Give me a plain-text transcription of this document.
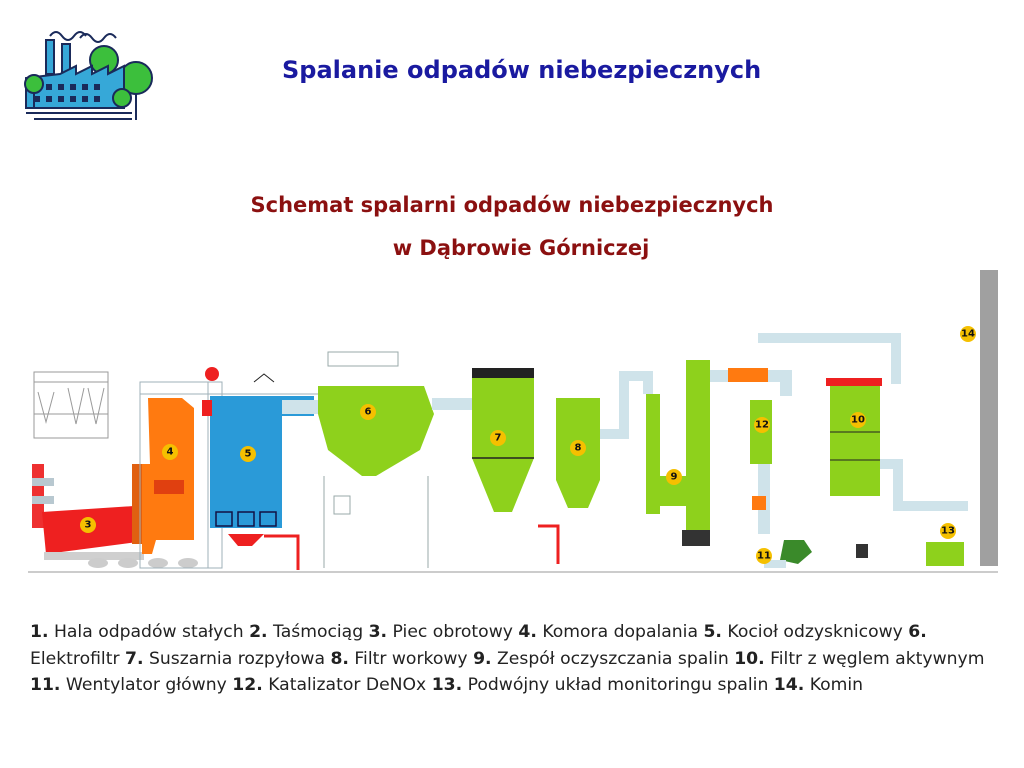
Spalanie odpadów niebezpiecznych
Schemat spalarni odpadów niebezpiecznych
w Dąbrowie Górniczej
3
4	5
6
7
8
9
12	10
11
13
14
1. Hala odpadów stałych 2. Taśmociąg 3. Piec obrotowy 4. Komora dopalania 5. Kocioł odzysknicowy 6. Elektrofiltr 7. Suszarnia rozpyłowa 8. Filtr workowy 9. Zespół oczyszczania spalin 10. Filtr z węglem aktywnym 11. Wentylator główny 12. Katalizator DeNOx 13. Podwójny układ monitoringu spalin 14. Komin
